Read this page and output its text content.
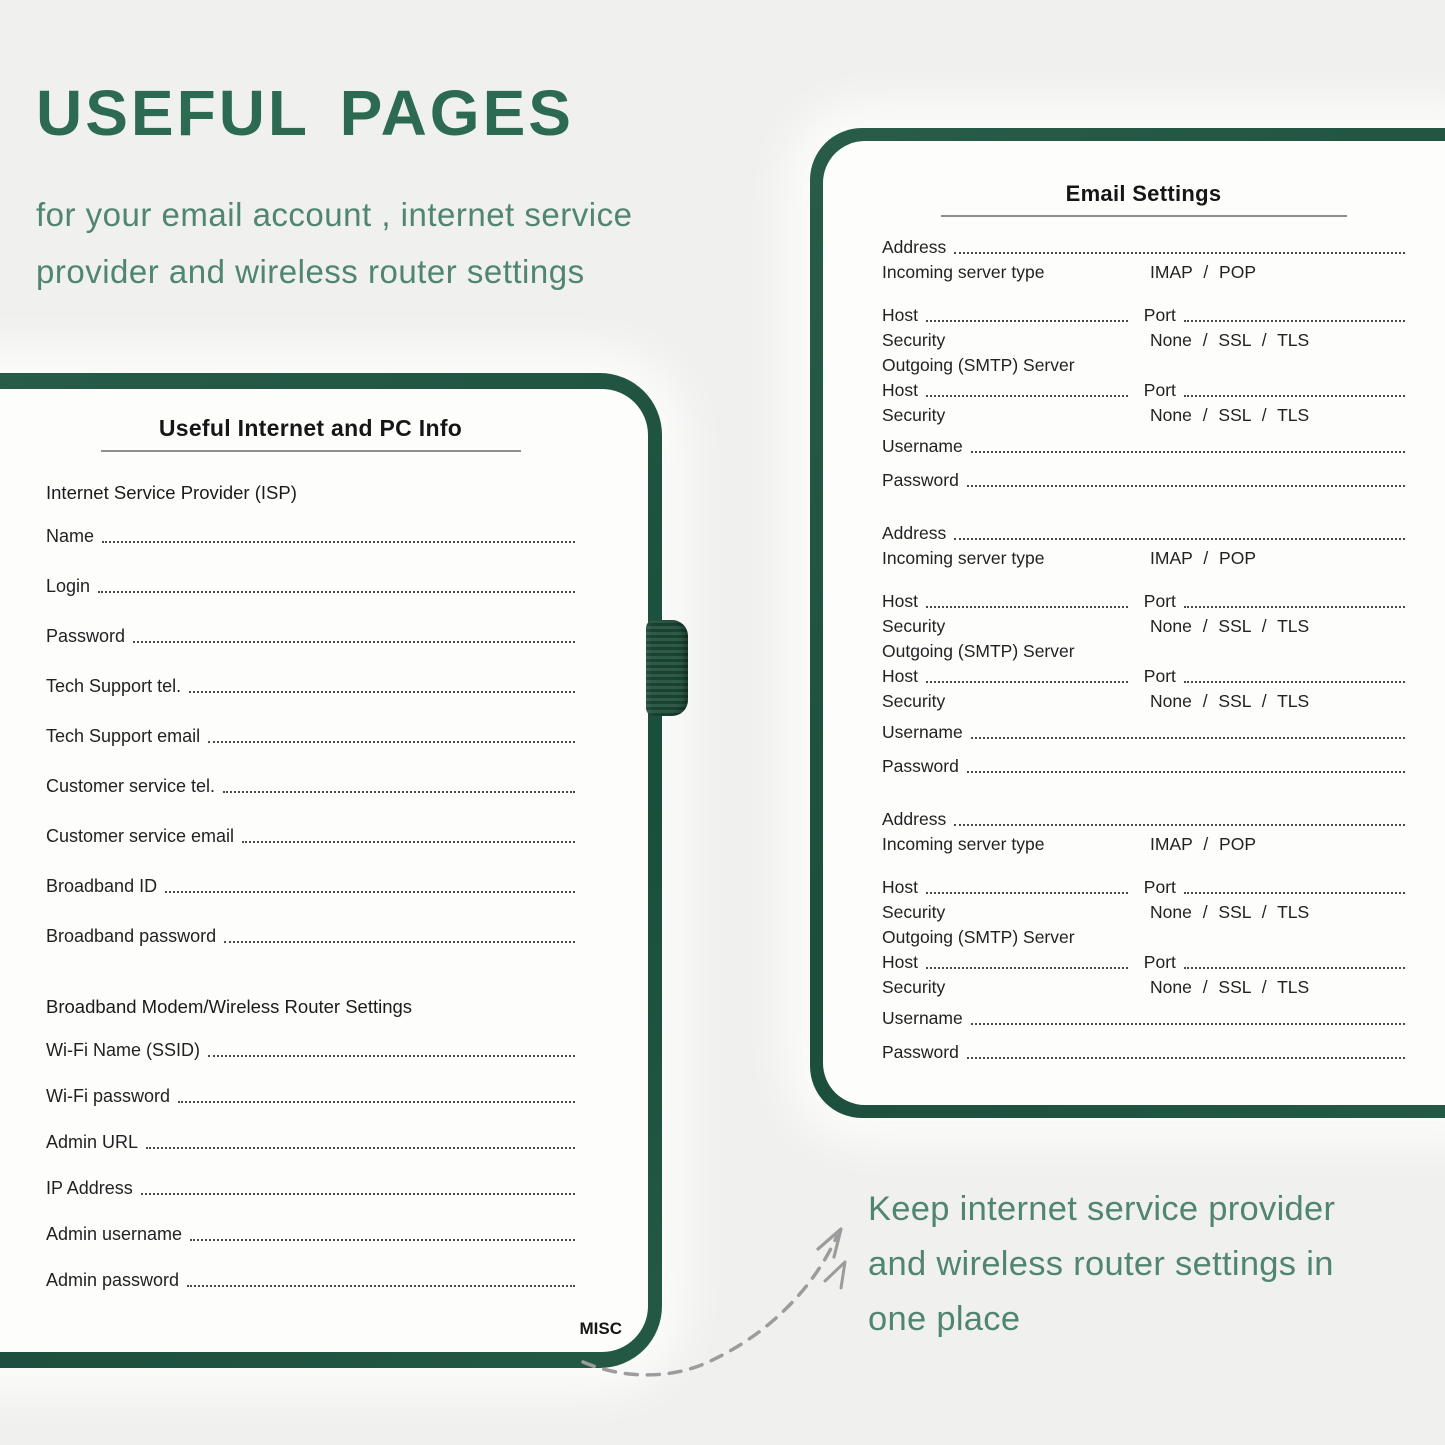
USEFUL PAGES
for your email account , internet service
provider and wireless router settings
Useful Internet and PC Info
Internet Service Provider (ISP)
Name
Login
Password
Tech Support tel.
Tech Support email
Customer service tel.
Customer service email
Broadband ID
Broadband password
Broadband Modem/Wireless Router Settings
Wi-Fi Name (SSID)
Wi-Fi password
Admin URL
IP Address
Admin username
Admin password
MISC
Email Settings
Address
Incoming server type	IMAP / POP
Host	Port
Security	None / SSL / TLS
Outgoing (SMTP) Server
Host	Port
Security	None / SSL / TLS
Username
Password
Address
Incoming server type	IMAP / POP
Host	Port
Security	None / SSL / TLS
Outgoing (SMTP) Server
Host	Port
Security	None / SSL / TLS
Username
Password
Address
Incoming server type	IMAP / POP
Host	Port
Security	None / SSL / TLS
Outgoing (SMTP) Server
Host	Port
Security	None / SSL / TLS
Username
Password
Keep internet service provider and wireless router settings in one place
